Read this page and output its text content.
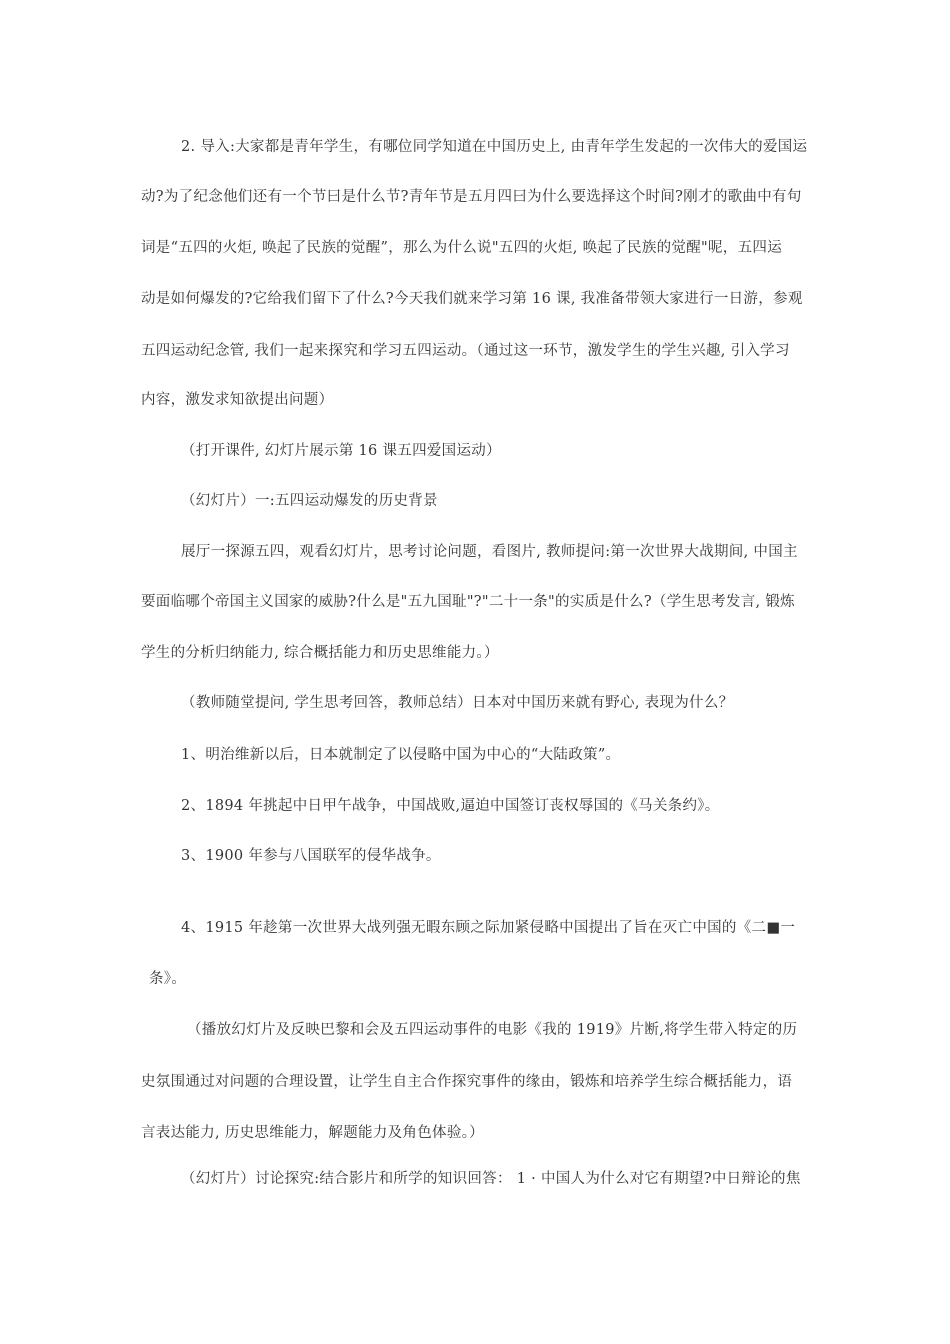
2. 导入:大家都是青年学生，有哪位同学知道在中国历史上, 由青年学生发起的一次伟大的爱国运
动?为了纪念他们还有一个节曰是什么节?青年节是五月四曰为什么要选择这个时间?刚才的歌曲中有句
词是“五四的火炬, 唤起了民族的觉醒”，那么为什么说"五四的火炬, 唤起了民族的觉醒"呢，五四运
动是如何爆发的?它给我们留下了什么?今天我们就来学习第 16 课, 我准备带领大家进行一日游，参观
五四运动纪念管, 我们一起来探究和学习五四运动。（通过这一环节，激发学生的学生兴趣, 引入学习
内容，激发求知欲提出问题）
（打开课件, 幻灯片展示第 16 课五四爱国运动）
（幻灯片）一:五四运动爆发的历史背景
展厅一探源五四，观看幻灯片，思考讨论问题，看图片, 教师提问:第一次世界大战期间, 中国主
要面临哪个帝国主义国家的威胁?什么是"五九国耻"?"二十一条"的实质是什么?（学生思考发言, 锻炼
学生的分析归纳能力, 综合概括能力和历史思维能力。）
（教师随堂提问, 学生思考回答，教师总结）日本对中国历来就有野心, 表现为什么？
1、明治维新以后，日本就制定了以侵略中国为中心的“大陆政策”。
2、1894 年挑起中日甲午战争，中国战败,逼迫中国签订丧权辱国的《马关条约》。
3、1900 年参与八国联军的侵华战争。
4、1915 年趁第一次世界大战列强无暇东顾之际加紧侵略中国提出了旨在灭亡中国的《二■一
条》。
（播放幻灯片及反映巴黎和会及五四运动事件的电影《我的 1919》片断,将学生带入特定的历
史氛围通过对问题的合理设置，让学生自主合作探究事件的缘由，锻炼和培养学生综合概括能力，语
言表达能力, 历史思维能力，解题能力及角色体验。）
（幻灯片）讨论探究:结合影片和所学的知识回答： 1 · 中国人为什么对它有期望?中日辩论的焦
